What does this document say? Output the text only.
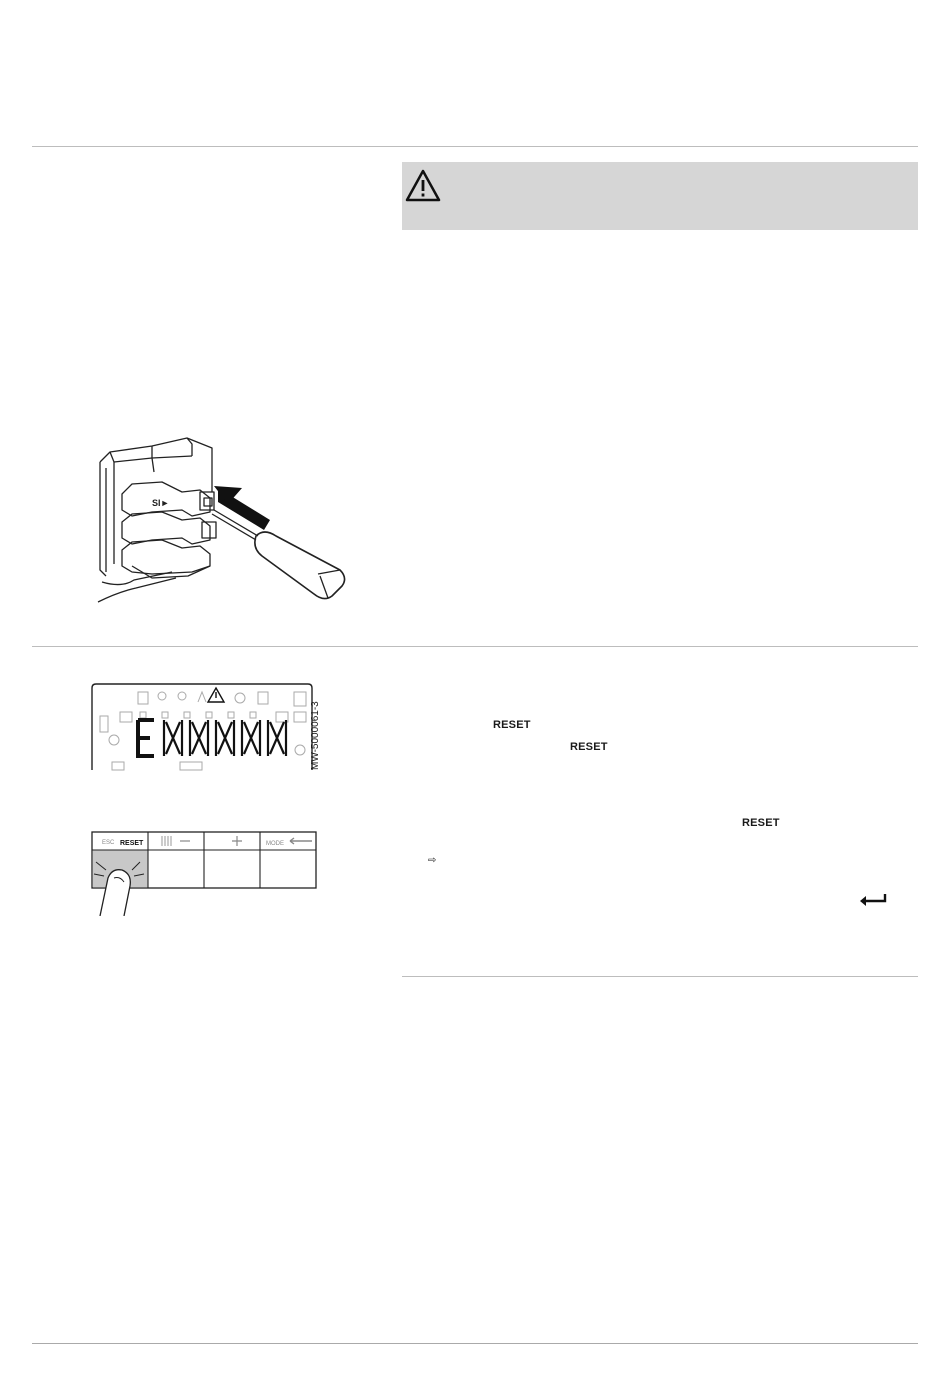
SI►
MW-5000061-3
ESC RESET	MODE
RESET
RESET
RESET
⇨
